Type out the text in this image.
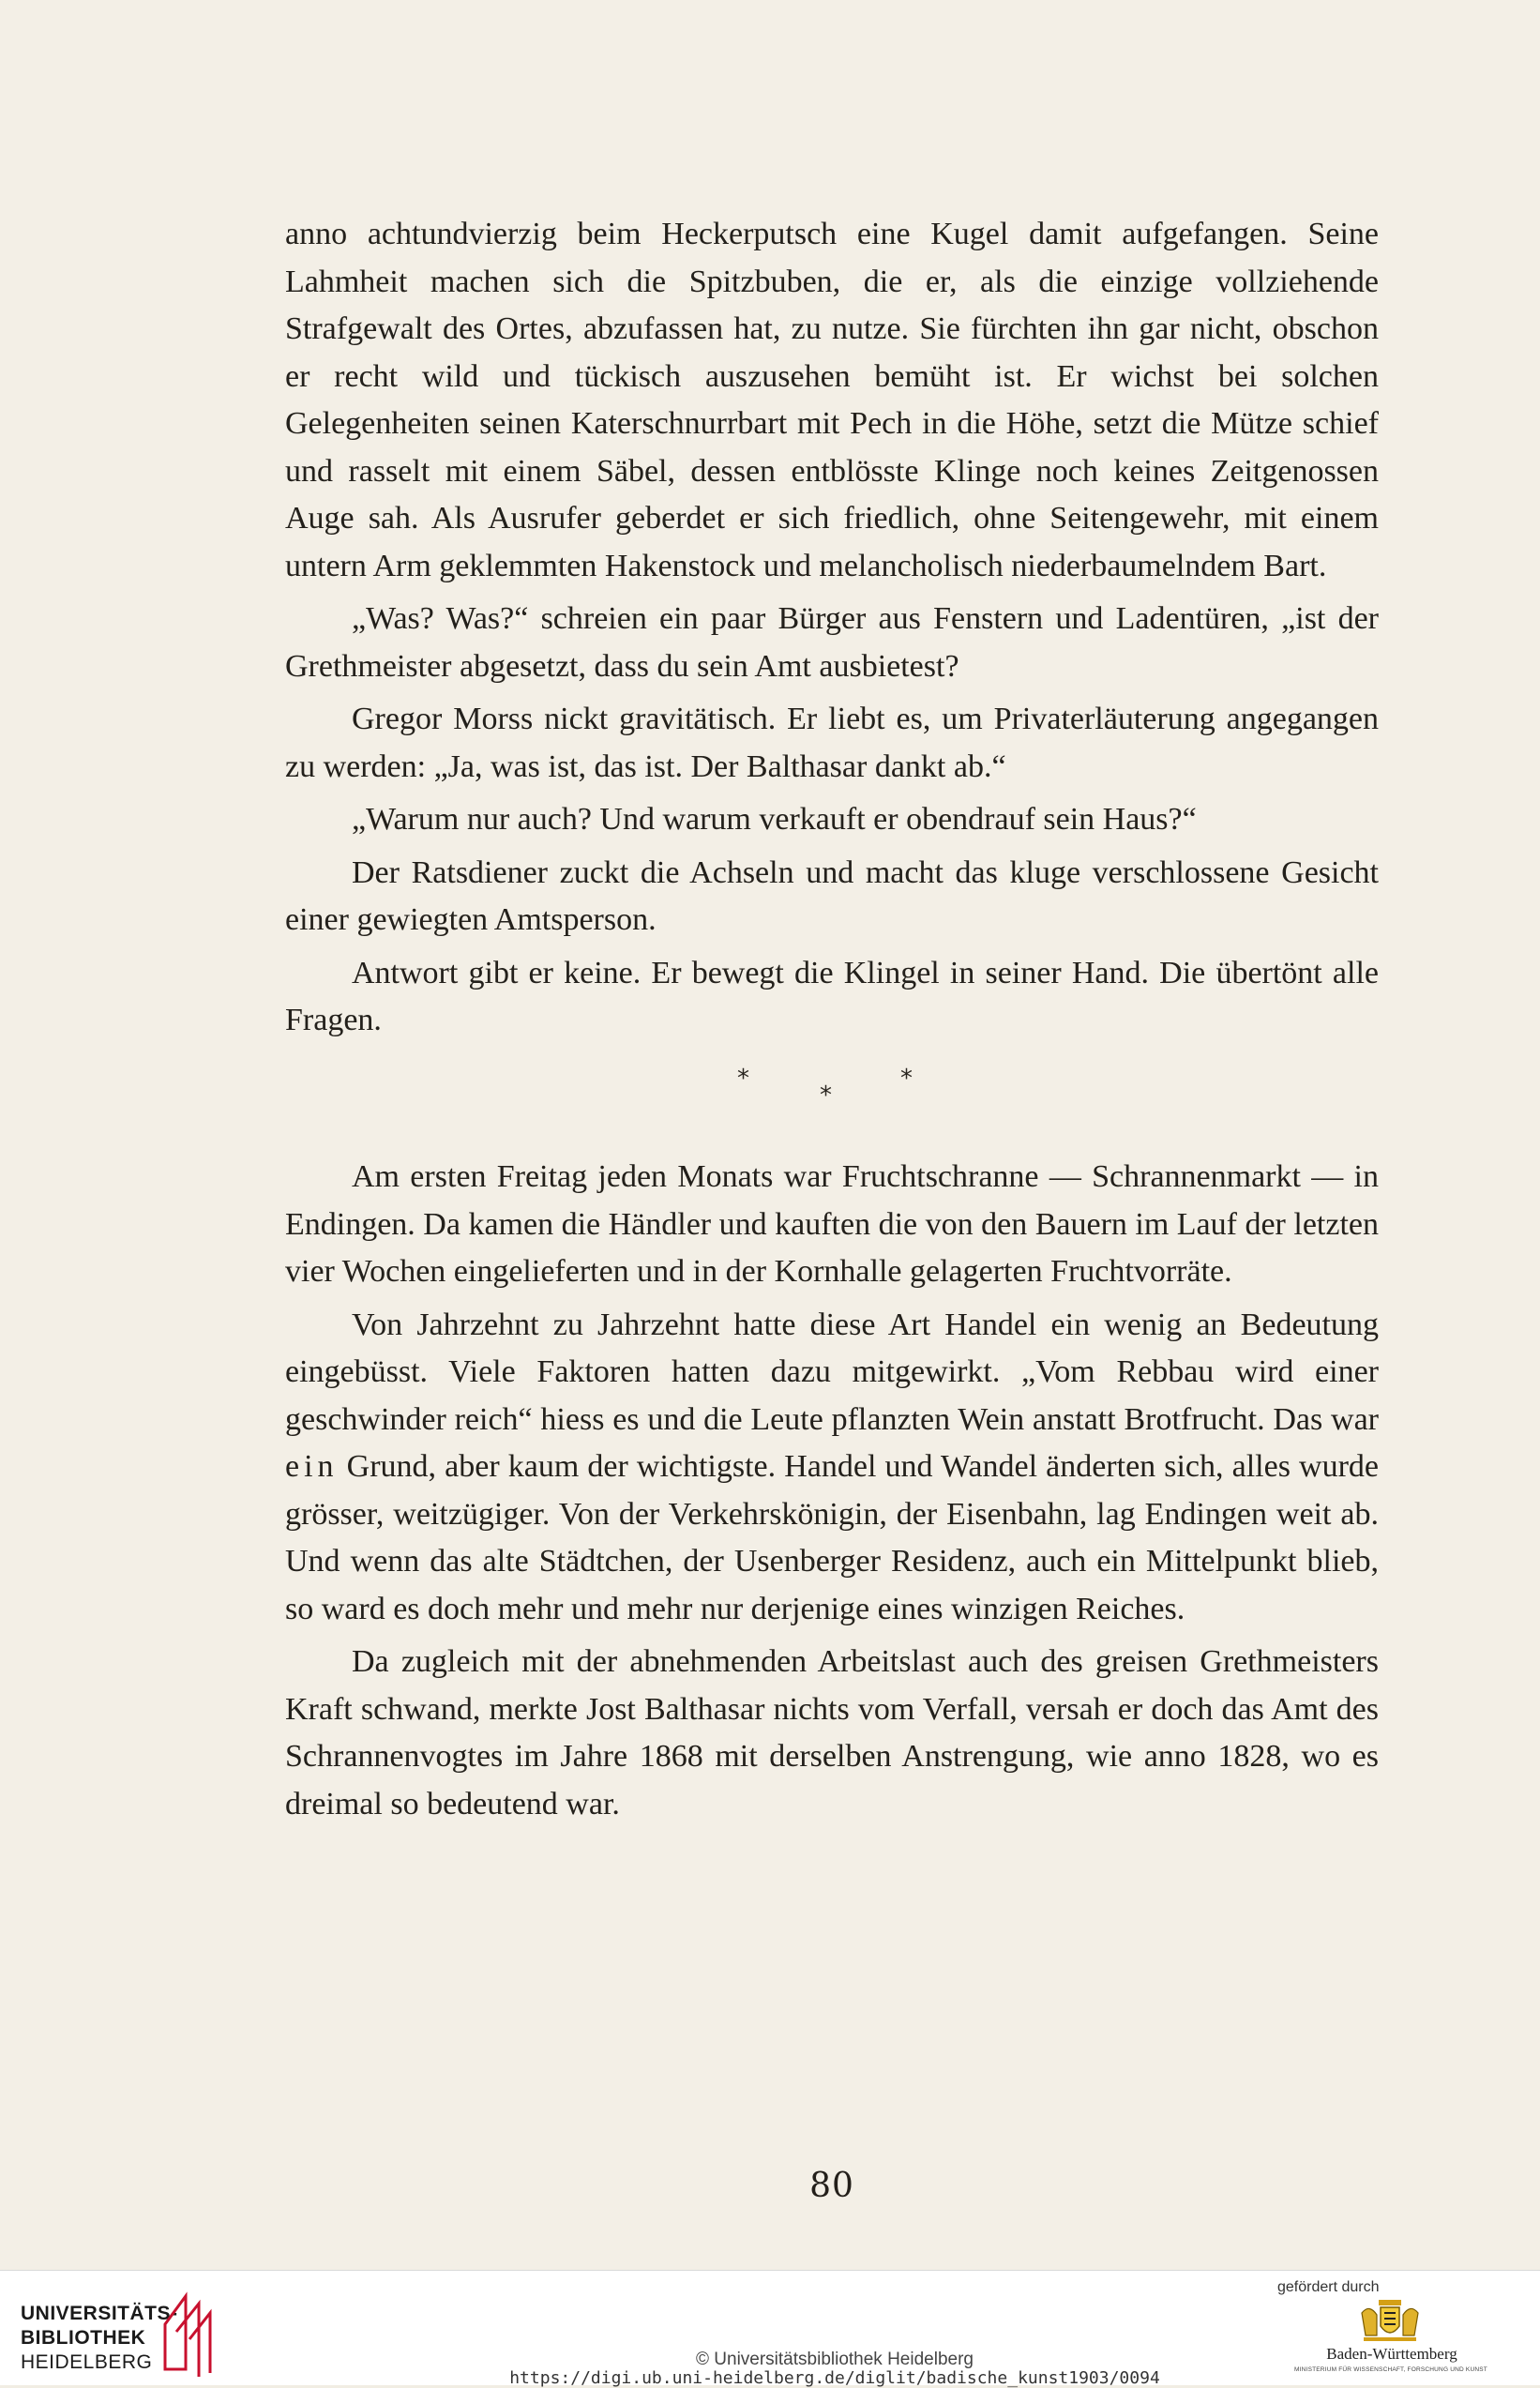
anno achtundvierzig beim Heckerputsch eine Kugel damit aufgefangen. Seine Lahmheit machen sich die Spitzbuben, die er, als die einzige vollziehende Strafgewalt des Ortes, abzufassen hat, zu nutze. Sie fürchten ihn gar nicht, obschon er recht wild und tückisch auszusehen bemüht ist. Er wichst bei solchen Gelegenheiten seinen Katerschnurrbart mit Pech in die Höhe, setzt die Mütze schief und rasselt mit einem Säbel, dessen entblösste Klinge noch keines Zeitgenossen Auge sah. Als Ausrufer geberdet er sich friedlich, ohne Seitengewehr, mit einem untern Arm geklemmten Hakenstock und melancholisch niederbaumelndem Bart.

„Was? Was?“ schreien ein paar Bürger aus Fenstern und Ladentüren, „ist der Grethmeister abgesetzt, dass du sein Amt ausbietest?

Gregor Morss nickt gravitätisch. Er liebt es, um Privaterläuterung angegangen zu werden: „Ja, was ist, das ist. Der Balthasar dankt ab.“

„Warum nur auch? Und warum verkauft er obendrauf sein Haus?“

Der Ratsdiener zuckt die Achseln und macht das kluge verschlossene Gesicht einer gewiegten Amtsperson.

Antwort gibt er keine. Er bewegt die Klingel in seiner Hand. Die übertönt alle Fragen.

*
*
*

Am ersten Freitag jeden Monats war Fruchtschranne — Schrannenmarkt — in Endingen. Da kamen die Händler und kauften die von den Bauern im Lauf der letzten vier Wochen eingelieferten und in der Kornhalle gelagerten Fruchtvorräte.

Von Jahrzehnt zu Jahrzehnt hatte diese Art Handel ein wenig an Bedeutung eingebüsst. Viele Faktoren hatten dazu mitgewirkt. „Vom Rebbau wird einer geschwinder reich“ hiess es und die Leute pflanzten Wein anstatt Brotfrucht. Das war ein Grund, aber kaum der wichtigste. Handel und Wandel änderten sich, alles wurde grösser, weitzügiger. Von der Verkehrskönigin, der Eisenbahn, lag Endingen weit ab. Und wenn das alte Städtchen, der Usenberger Residenz, auch ein Mittelpunkt blieb, so ward es doch mehr und mehr nur derjenige eines winzigen Reiches.

Da zugleich mit der abnehmenden Arbeitslast auch des greisen Grethmeisters Kraft schwand, merkte Jost Balthasar nichts vom Verfall, versah er doch das Amt des Schrannenvogtes im Jahre 1868 mit derselben Anstrengung, wie anno 1828, wo es dreimal so bedeutend war.

80
UNIVERSITÄTS-
BIBLIOTHEK
HEIDELBERG	© Universitätsbibliothek Heidelberg
https://digi.ub.uni-heidelberg.de/diglit/badische_kunst1903/0094
gefördert durch
Baden-Württemberg
MINISTERIUM FÜR WISSENSCHAFT, FORSCHUNG UND KUNST
